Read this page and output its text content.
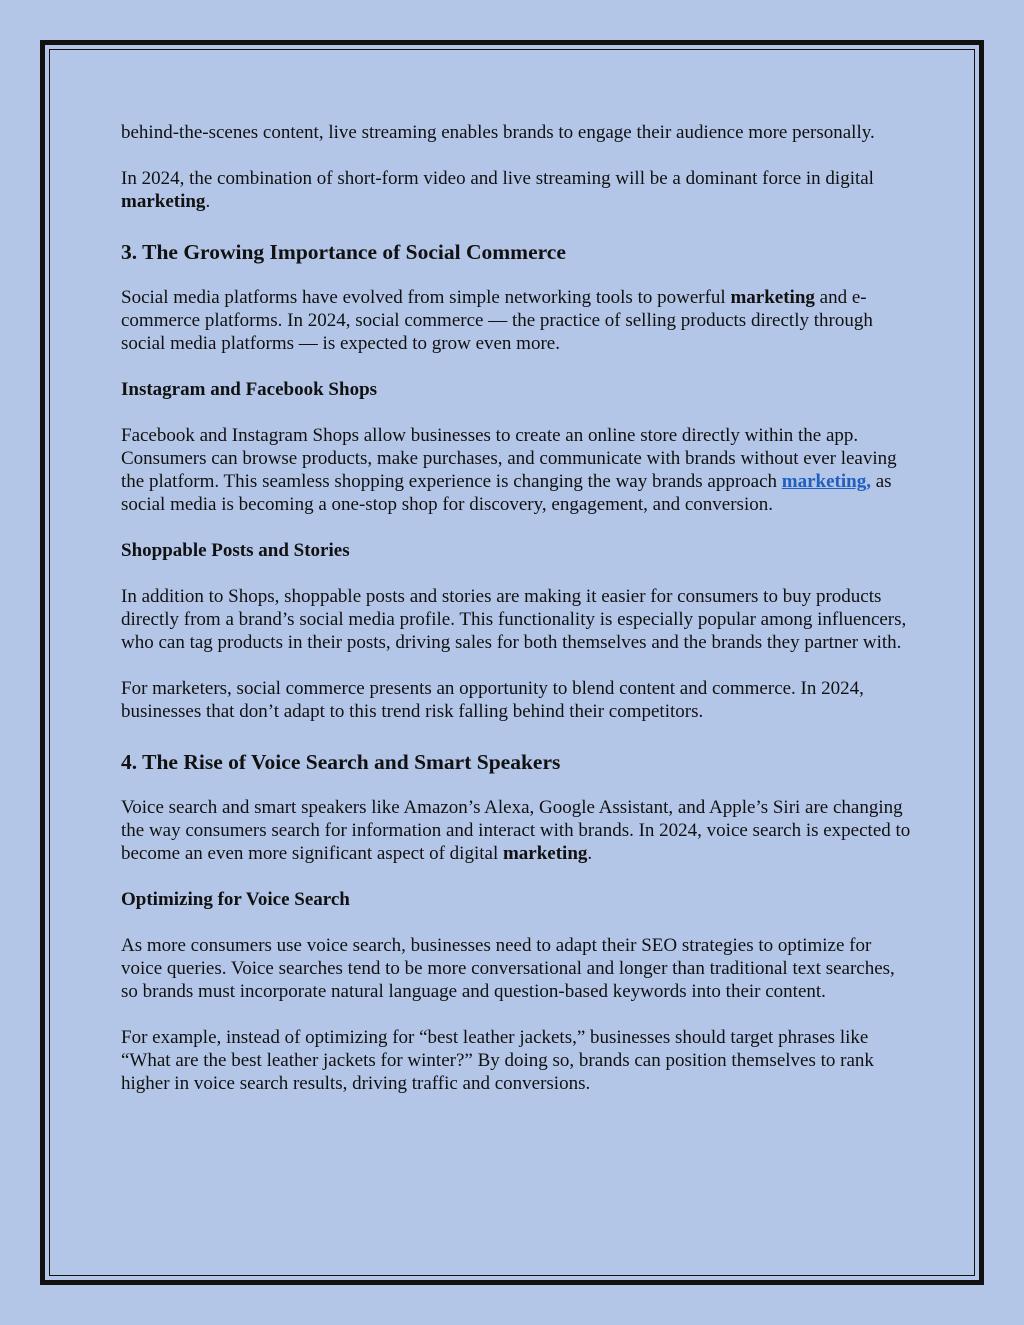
behind-the-scenes content, live streaming enables brands to engage their audience more personally.

In 2024, the combination of short-form video and live streaming will be a dominant force in digital marketing.

3. The Growing Importance of Social Commerce

Social media platforms have evolved from simple networking tools to powerful marketing and e-commerce platforms. In 2024, social commerce — the practice of selling products directly through social media platforms — is expected to grow even more.

Instagram and Facebook Shops

Facebook and Instagram Shops allow businesses to create an online store directly within the app. Consumers can browse products, make purchases, and communicate with brands without ever leaving the platform. This seamless shopping experience is changing the way brands approach marketing, as social media is becoming a one-stop shop for discovery, engagement, and conversion.

Shoppable Posts and Stories

In addition to Shops, shoppable posts and stories are making it easier for consumers to buy products directly from a brand’s social media profile. This functionality is especially popular among influencers, who can tag products in their posts, driving sales for both themselves and the brands they partner with.

For marketers, social commerce presents an opportunity to blend content and commerce. In 2024, businesses that don’t adapt to this trend risk falling behind their competitors.

4. The Rise of Voice Search and Smart Speakers

Voice search and smart speakers like Amazon’s Alexa, Google Assistant, and Apple’s Siri are changing the way consumers search for information and interact with brands. In 2024, voice search is expected to become an even more significant aspect of digital marketing.

Optimizing for Voice Search

As more consumers use voice search, businesses need to adapt their SEO strategies to optimize for voice queries. Voice searches tend to be more conversational and longer than traditional text searches, so brands must incorporate natural language and question-based keywords into their content.

For example, instead of optimizing for “best leather jackets,” businesses should target phrases like “What are the best leather jackets for winter?” By doing so, brands can position themselves to rank higher in voice search results, driving traffic and conversions.
